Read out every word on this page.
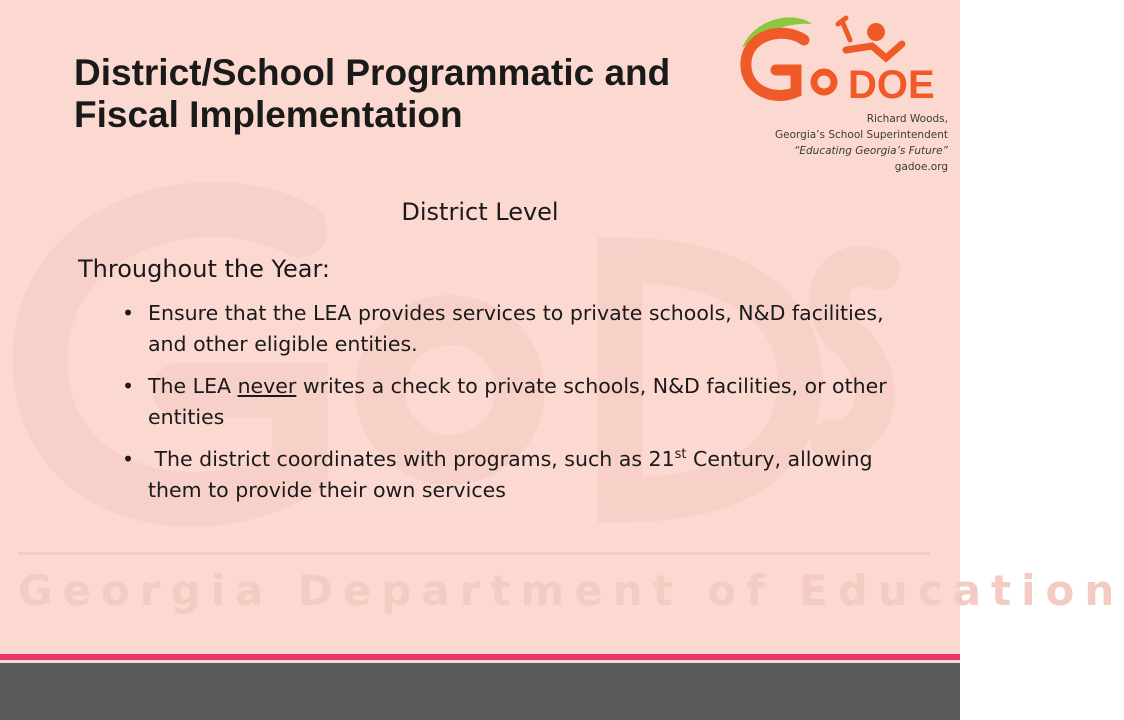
Georgia Department of Education
District/School Programmatic and Fiscal Implementation
DOE
Richard Woods,
Georgia’s School Superintendent
“Educating Georgia’s Future”
gadoe.org
District Level
Throughout the Year:
• Ensure that the LEA provides services to private schools, N&D facilities, and other eligible entities.
• The LEA never writes a check to private schools, N&D facilities, or other entities
• The district coordinates with programs, such as 21st Century, allowing them to provide their own services
